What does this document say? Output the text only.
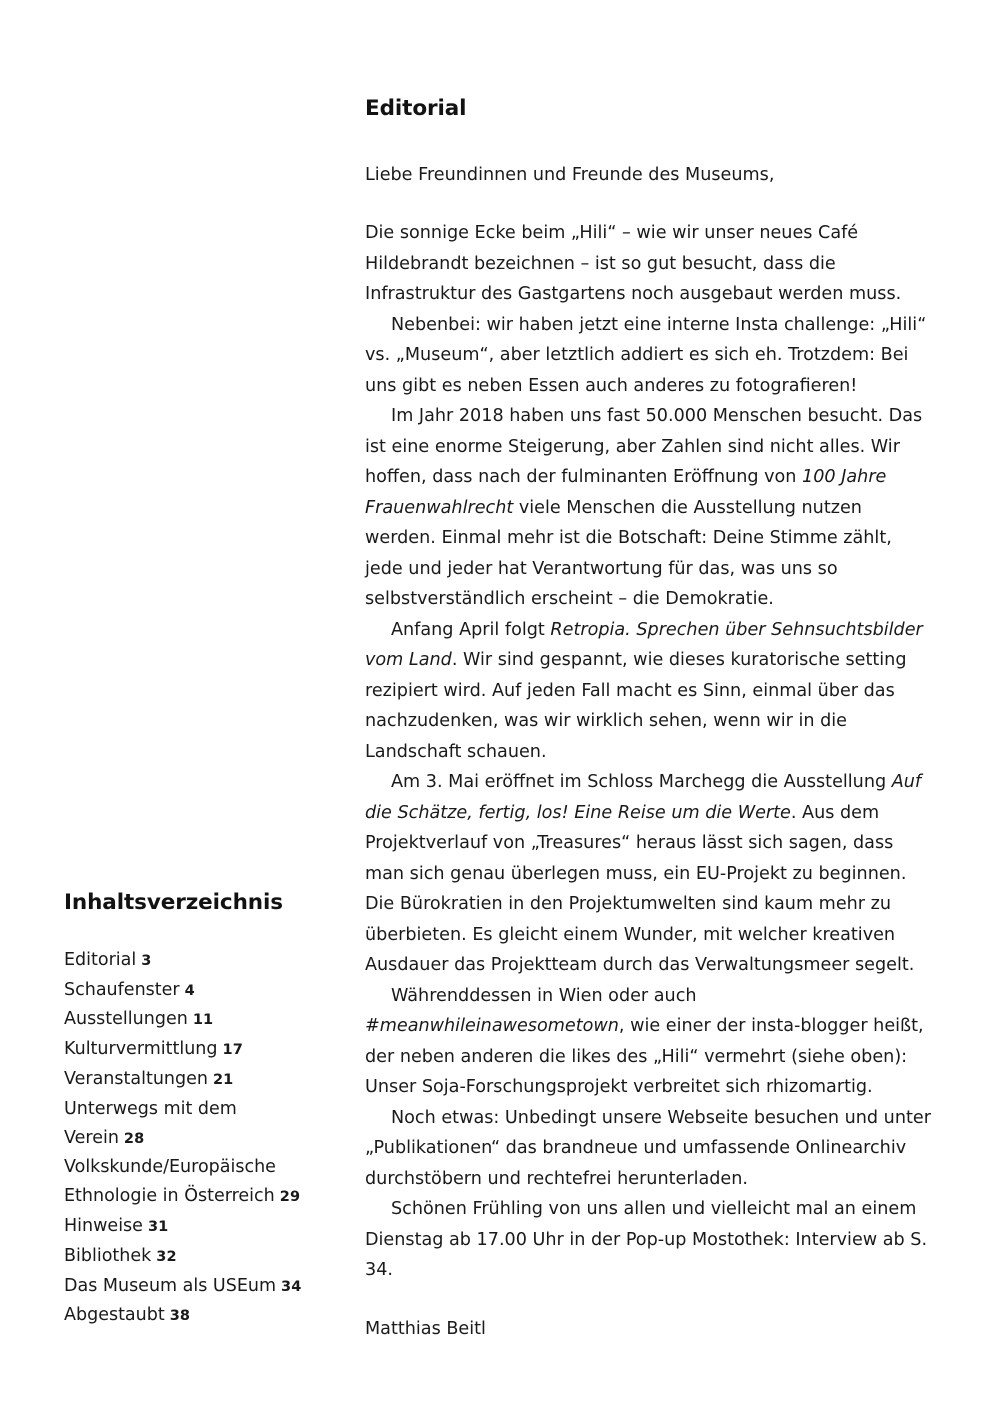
Inhaltsverzeichnis
Editorial 3
Schaufenster 4
Ausstellungen 11
Kulturvermittlung 17
Veranstaltungen 21
Unterwegs mit dem
Verein 28
Volkskunde/Europäische
Ethnologie in Österreich 29
Hinweise 31
Bibliothek 32
Das Museum als USEum 34
Abgestaubt 38
Editorial

Liebe Freundinnen und Freunde des Museums,

Die sonnige Ecke beim „Hili“ – wie wir unser neues Café Hildebrandt bezeichnen – ist so gut besucht, dass die Infrastruktur des Gastgartens noch ausgebaut werden muss.

Nebenbei: wir haben jetzt eine interne Insta challenge: „Hili“ vs. „Museum“, aber letztlich addiert es sich eh. Trotzdem: Bei uns gibt es neben Essen auch anderes zu fotografieren!

Im Jahr 2018 haben uns fast 50.000 Menschen besucht. Das ist eine enorme Steigerung, aber Zahlen sind nicht alles. Wir hoffen, dass nach der fulminanten Eröffnung von 100 Jahre Frauenwahlrecht viele Menschen die Ausstellung nutzen werden. Einmal mehr ist die Botschaft: Deine Stimme zählt, jede und jeder hat Verantwortung für das, was uns so selbstverständlich erscheint – die Demokratie.

Anfang April folgt Retropia. Sprechen über Sehnsuchtsbilder vom Land. Wir sind gespannt, wie dieses kuratorische setting rezipiert wird. Auf jeden Fall macht es Sinn, einmal über das nachzudenken, was wir wirklich sehen, wenn wir in die Landschaft schauen.

Am 3. Mai eröffnet im Schloss Marchegg die Ausstellung Auf die Schätze, fertig, los! Eine Reise um die Werte. Aus dem Projektverlauf von „Treasures“ heraus lässt sich sagen, dass man sich genau überlegen muss, ein EU-Projekt zu beginnen. Die Bürokratien in den Projektumwelten sind kaum mehr zu überbieten. Es gleicht einem Wunder, mit welcher kreativen Ausdauer das Projektteam durch das Verwaltungsmeer segelt.

Währenddessen in Wien oder auch #meanwhileinawesometown, wie einer der insta-blogger heißt, der neben anderen die likes des „Hili“ vermehrt (siehe oben): Unser Soja-Forschungsprojekt verbreitet sich rhizomartig.

Noch etwas: Unbedingt unsere Webseite besuchen und unter „Publikationen“ das brandneue und umfassende Onlinearchiv durchstöbern und rechtefrei herunterladen.

Schönen Frühling von uns allen und vielleicht mal an einem Dienstag ab 17.00 Uhr in der Pop-up Mostothek: Interview ab S. 34.

Matthias Beitl
